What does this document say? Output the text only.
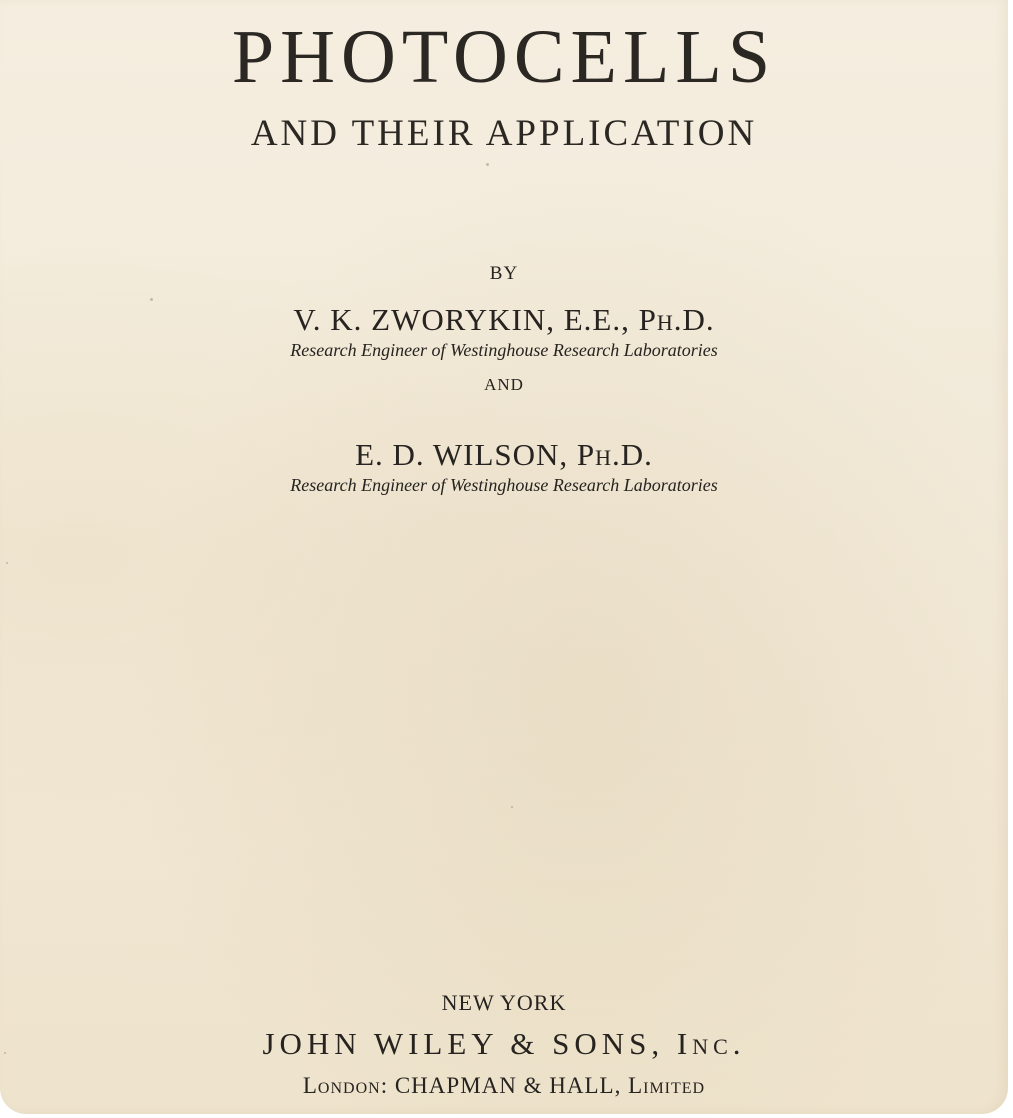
PHOTOCELLS
AND THEIR APPLICATION
BY
V. K. ZWORYKIN, E.E., Ph.D.
Research Engineer of Westinghouse Research Laboratories
AND
E. D. WILSON, Ph.D.
Research Engineer of Westinghouse Research Laboratories
NEW YORK
JOHN WILEY & SONS, Inc.
London: CHAPMAN & HALL, Limited
